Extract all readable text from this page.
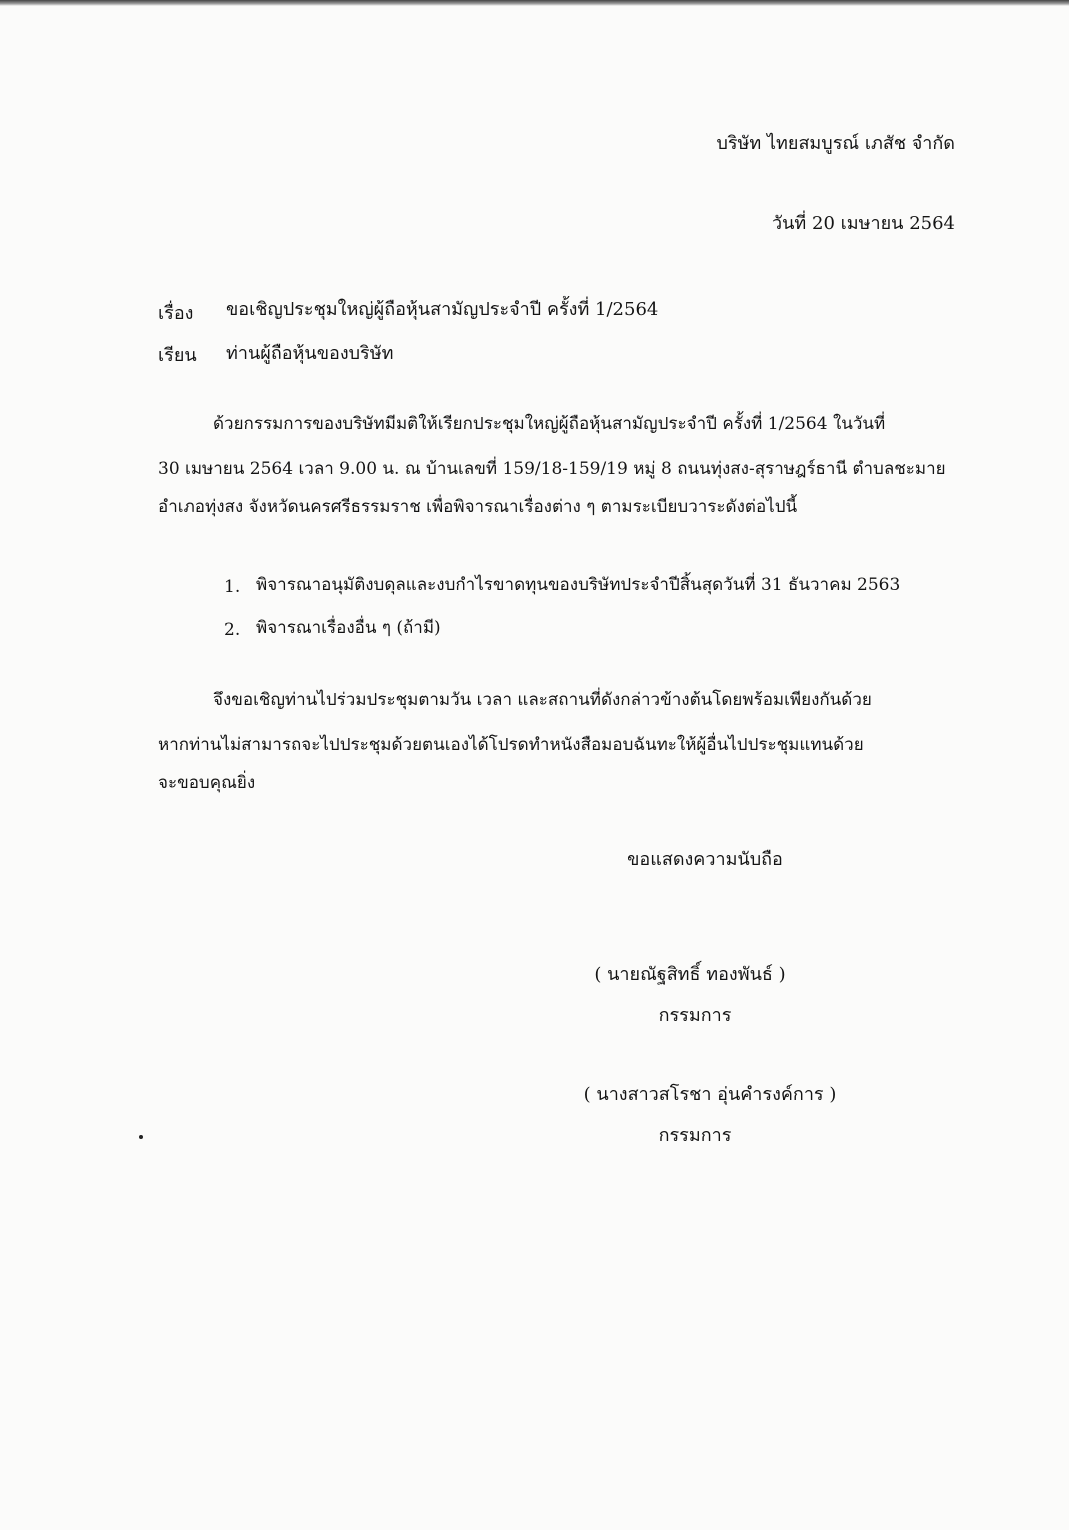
บริษัท ไทยสมบูรณ์ เภสัช จำกัด
วันที่ 20 เมษายน 2564
เรื่อง ขอเชิญประชุมใหญ่ผู้ถือหุ้นสามัญประจำปี ครั้งที่ 1/2564
เรียน ท่านผู้ถือหุ้นของบริษัท
ด้วยกรรมการของบริษัทมีมติให้เรียกประชุมใหญ่ผู้ถือหุ้นสามัญประจำปี ครั้งที่ 1/2564 ในวันที่
30 เมษายน 2564 เวลา 9.00 น. ณ บ้านเลขที่ 159/18-159/19 หมู่ 8 ถนนทุ่งสง-สุราษฎร์ธานี ตำบลชะมาย
อำเภอทุ่งสง จังหวัดนครศรีธรรมราช เพื่อพิจารณาเรื่องต่าง ๆ ตามระเบียบวาระดังต่อไปนี้
1. พิจารณาอนุมัติงบดุลและงบกำไรขาดทุนของบริษัทประจำปีสิ้นสุดวันที่ 31 ธันวาคม 2563
2. พิจารณาเรื่องอื่น ๆ (ถ้ามี)
จึงขอเชิญท่านไปร่วมประชุมตามวัน เวลา และสถานที่ดังกล่าวข้างต้นโดยพร้อมเพียงกันด้วย
หากท่านไม่สามารถจะไปประชุมด้วยตนเองได้โปรดทำหนังสือมอบฉันทะให้ผู้อื่นไปประชุมแทนด้วย
จะขอบคุณยิ่ง
ขอแสดงความนับถือ
( นายณัฐสิทธิ์ ทองพันธ์ )
กรรมการ
( นางสาวสโรชา อุ่นคำรงค์การ )
กรรมการ
